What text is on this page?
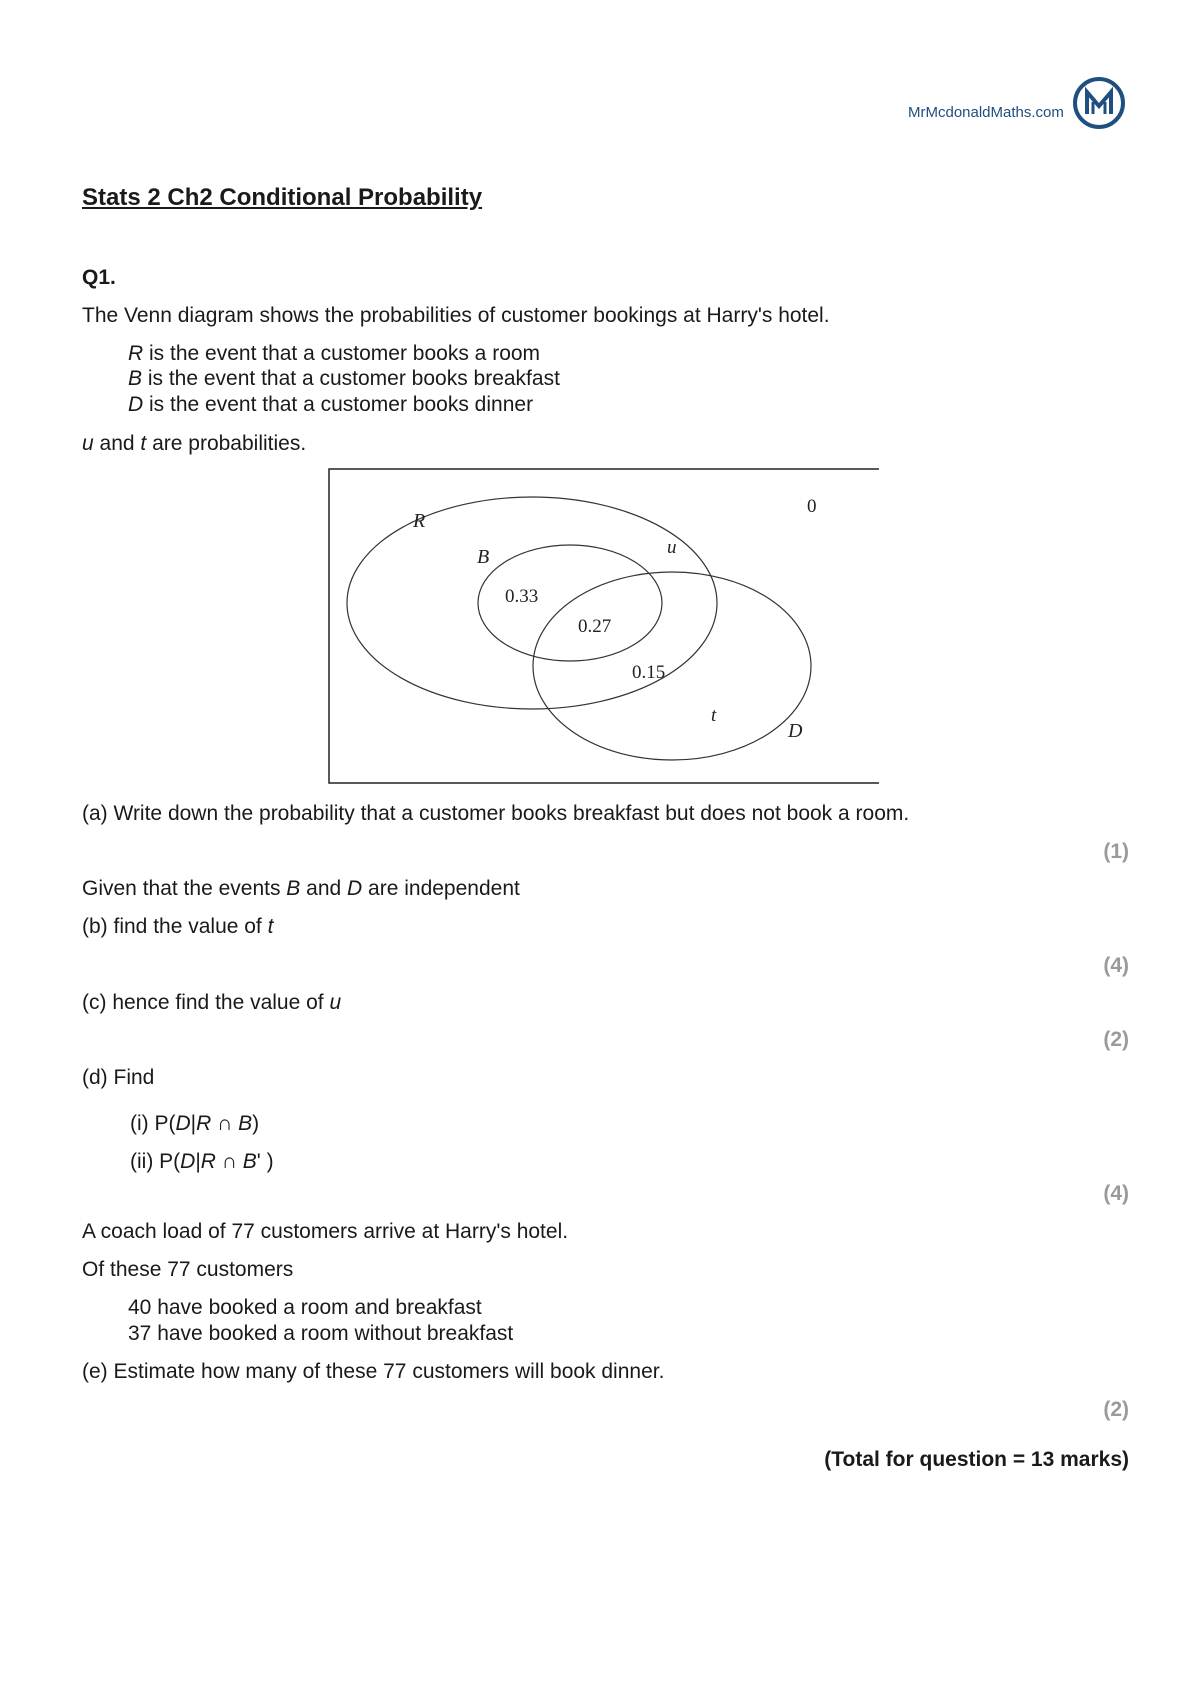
MrMcdonaldMaths.com
Stats 2 Ch2 Conditional Probability
Q1.
The Venn diagram shows the probabilities of customer bookings at Harry's hotel.
R is the event that a customer books a room
B is the event that a customer books breakfast
D is the event that a customer books dinner
u and t are probabilities.
R
B
D
0
u
0.33
0.27
0.15
t
(a) Write down the probability that a customer books breakfast but does not book a room.
(1)
Given that the events B and D are independent
(b) find the value of t
(4)
(c) hence find the value of u
(2)
(d) Find
(i) P(D|R ∩ B)
(ii) P(D|R ∩ B' )
(4)
A coach load of 77 customers arrive at Harry's hotel.
Of these 77 customers
40 have booked a room and breakfast
37 have booked a room without breakfast
(e) Estimate how many of these 77 customers will book dinner.
(2)
(Total for question = 13 marks)
